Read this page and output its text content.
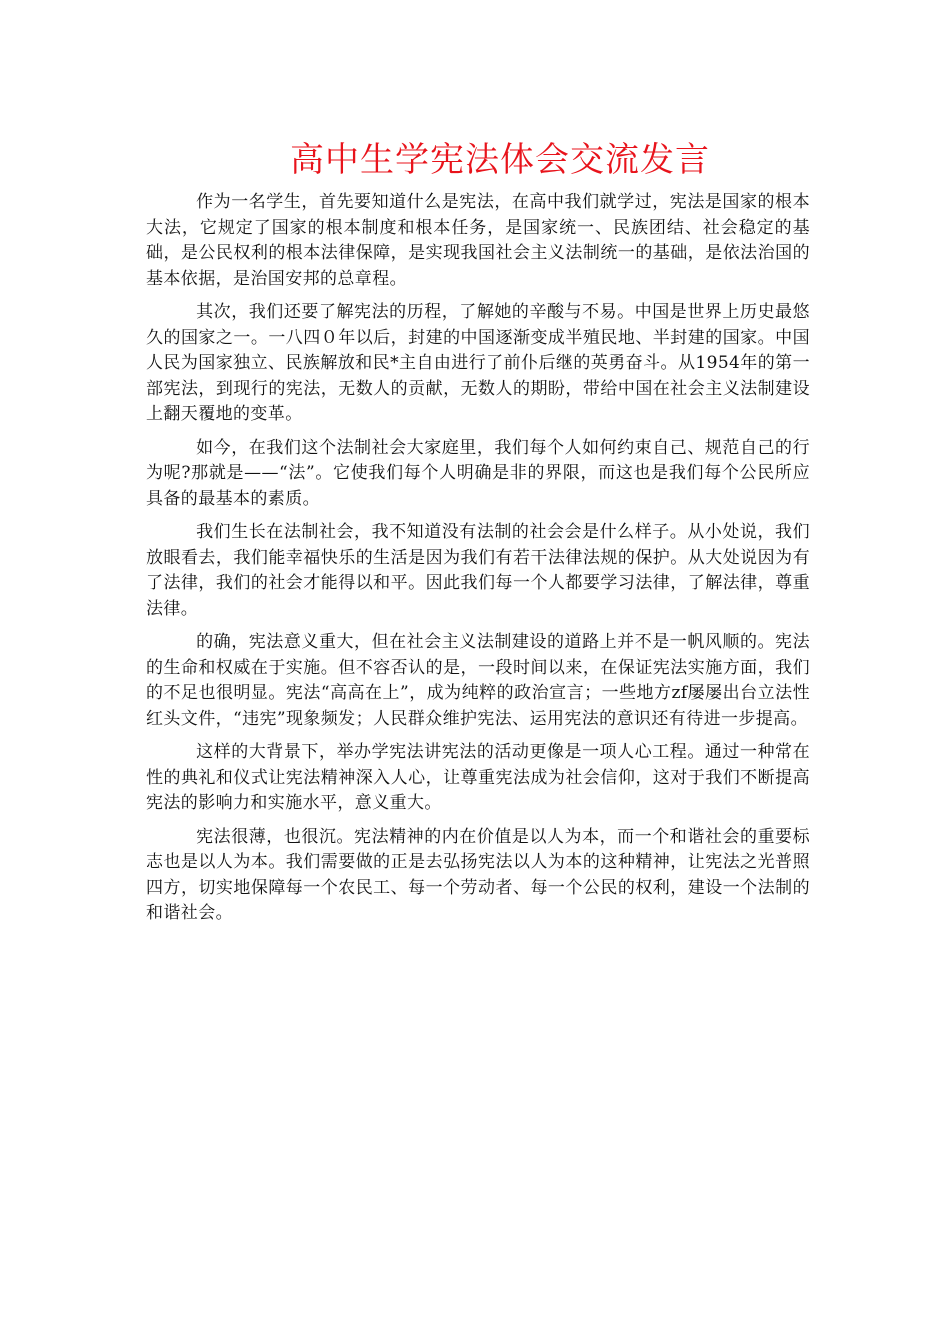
高中生学宪法体会交流发言

作为一名学生，首先要知道什么是宪法，在高中我们就学过，宪法是国家的根本大法，它规定了国家的根本制度和根本任务，是国家统一、民族团结、社会稳定的基础，是公民权利的根本法律保障，是实现我国社会主义法制统一的基础，是依法治国的基本依据，是治国安邦的总章程。

其次，我们还要了解宪法的历程，了解她的辛酸与不易。中国是世界上历史最悠久的国家之一。一八四０年以后，封建的中国逐渐变成半殖民地、半封建的国家。中国人民为国家独立、民族解放和民*主自由进行了前仆后继的英勇奋斗。从1954年的第一部宪法，到现行的宪法，无数人的贡献，无数人的期盼，带给中国在社会主义法制建设上翻天覆地的变革。

如今，在我们这个法制社会大家庭里，我们每个人如何约束自己、规范自己的行为呢?那就是——“法”。它使我们每个人明确是非的界限，而这也是我们每个公民所应具备的最基本的素质。

我们生长在法制社会，我不知道没有法制的社会会是什么样子。从小处说，我们放眼看去，我们能幸福快乐的生活是因为我们有若干法律法规的保护。从大处说因为有了法律，我们的社会才能得以和平。因此我们每一个人都要学习法律，了解法律，尊重法律。

的确，宪法意义重大，但在社会主义法制建设的道路上并不是一帆风顺的。宪法的生命和权威在于实施。但不容否认的是，一段时间以来，在保证宪法实施方面，我们的不足也很明显。宪法“高高在上”，成为纯粹的政治宣言；一些地方zf屡屡出台立法性红头文件，“违宪”现象频发；人民群众维护宪法、运用宪法的意识还有待进一步提高。

这样的大背景下，举办学宪法讲宪法的活动更像是一项人心工程。通过一种常在性的典礼和仪式让宪法精神深入人心，让尊重宪法成为社会信仰，这对于我们不断提高宪法的影响力和实施水平，意义重大。

宪法很薄，也很沉。宪法精神的内在价值是以人为本，而一个和谐社会的重要标志也是以人为本。我们需要做的正是去弘扬宪法以人为本的这种精神，让宪法之光普照四方，切实地保障每一个农民工、每一个劳动者、每一个公民的权利，建设一个法制的和谐社会。
